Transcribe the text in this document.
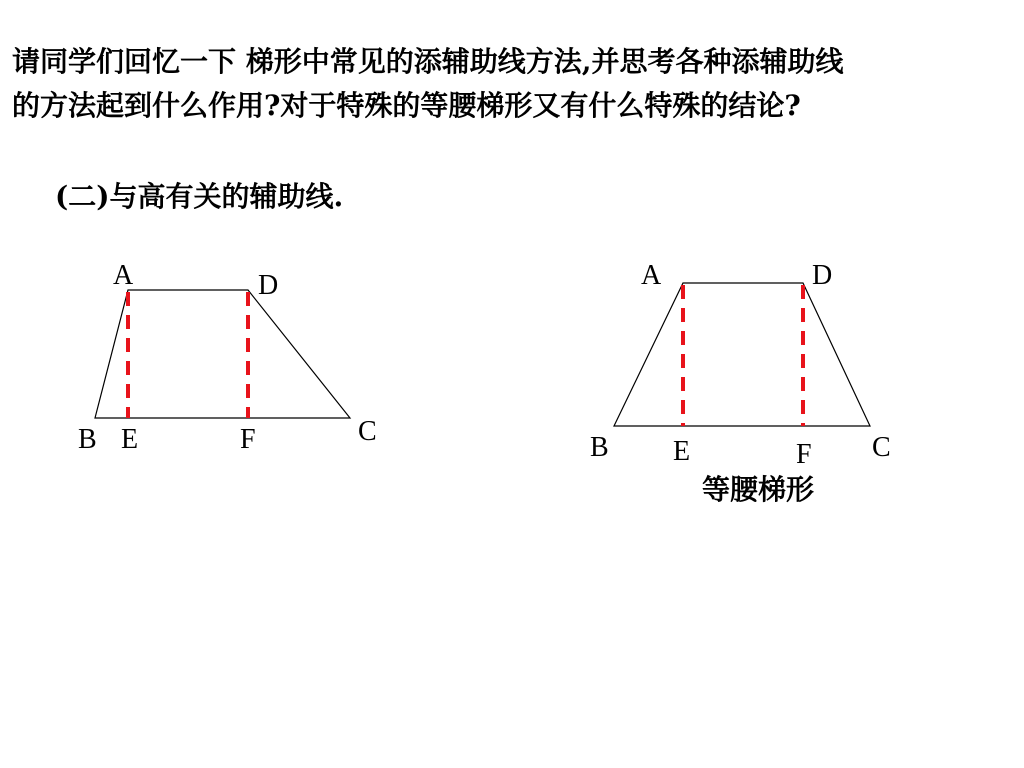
请同学们回忆一下 梯形中常见的添辅助线方法,并思考各种添辅助线
的方法起到什么作用?对于特殊的等腰梯形又有什么特殊的结论?
(二)与高有关的辅助线.
A	D
B E	F	C
A	D
B E	F C
等腰梯形
